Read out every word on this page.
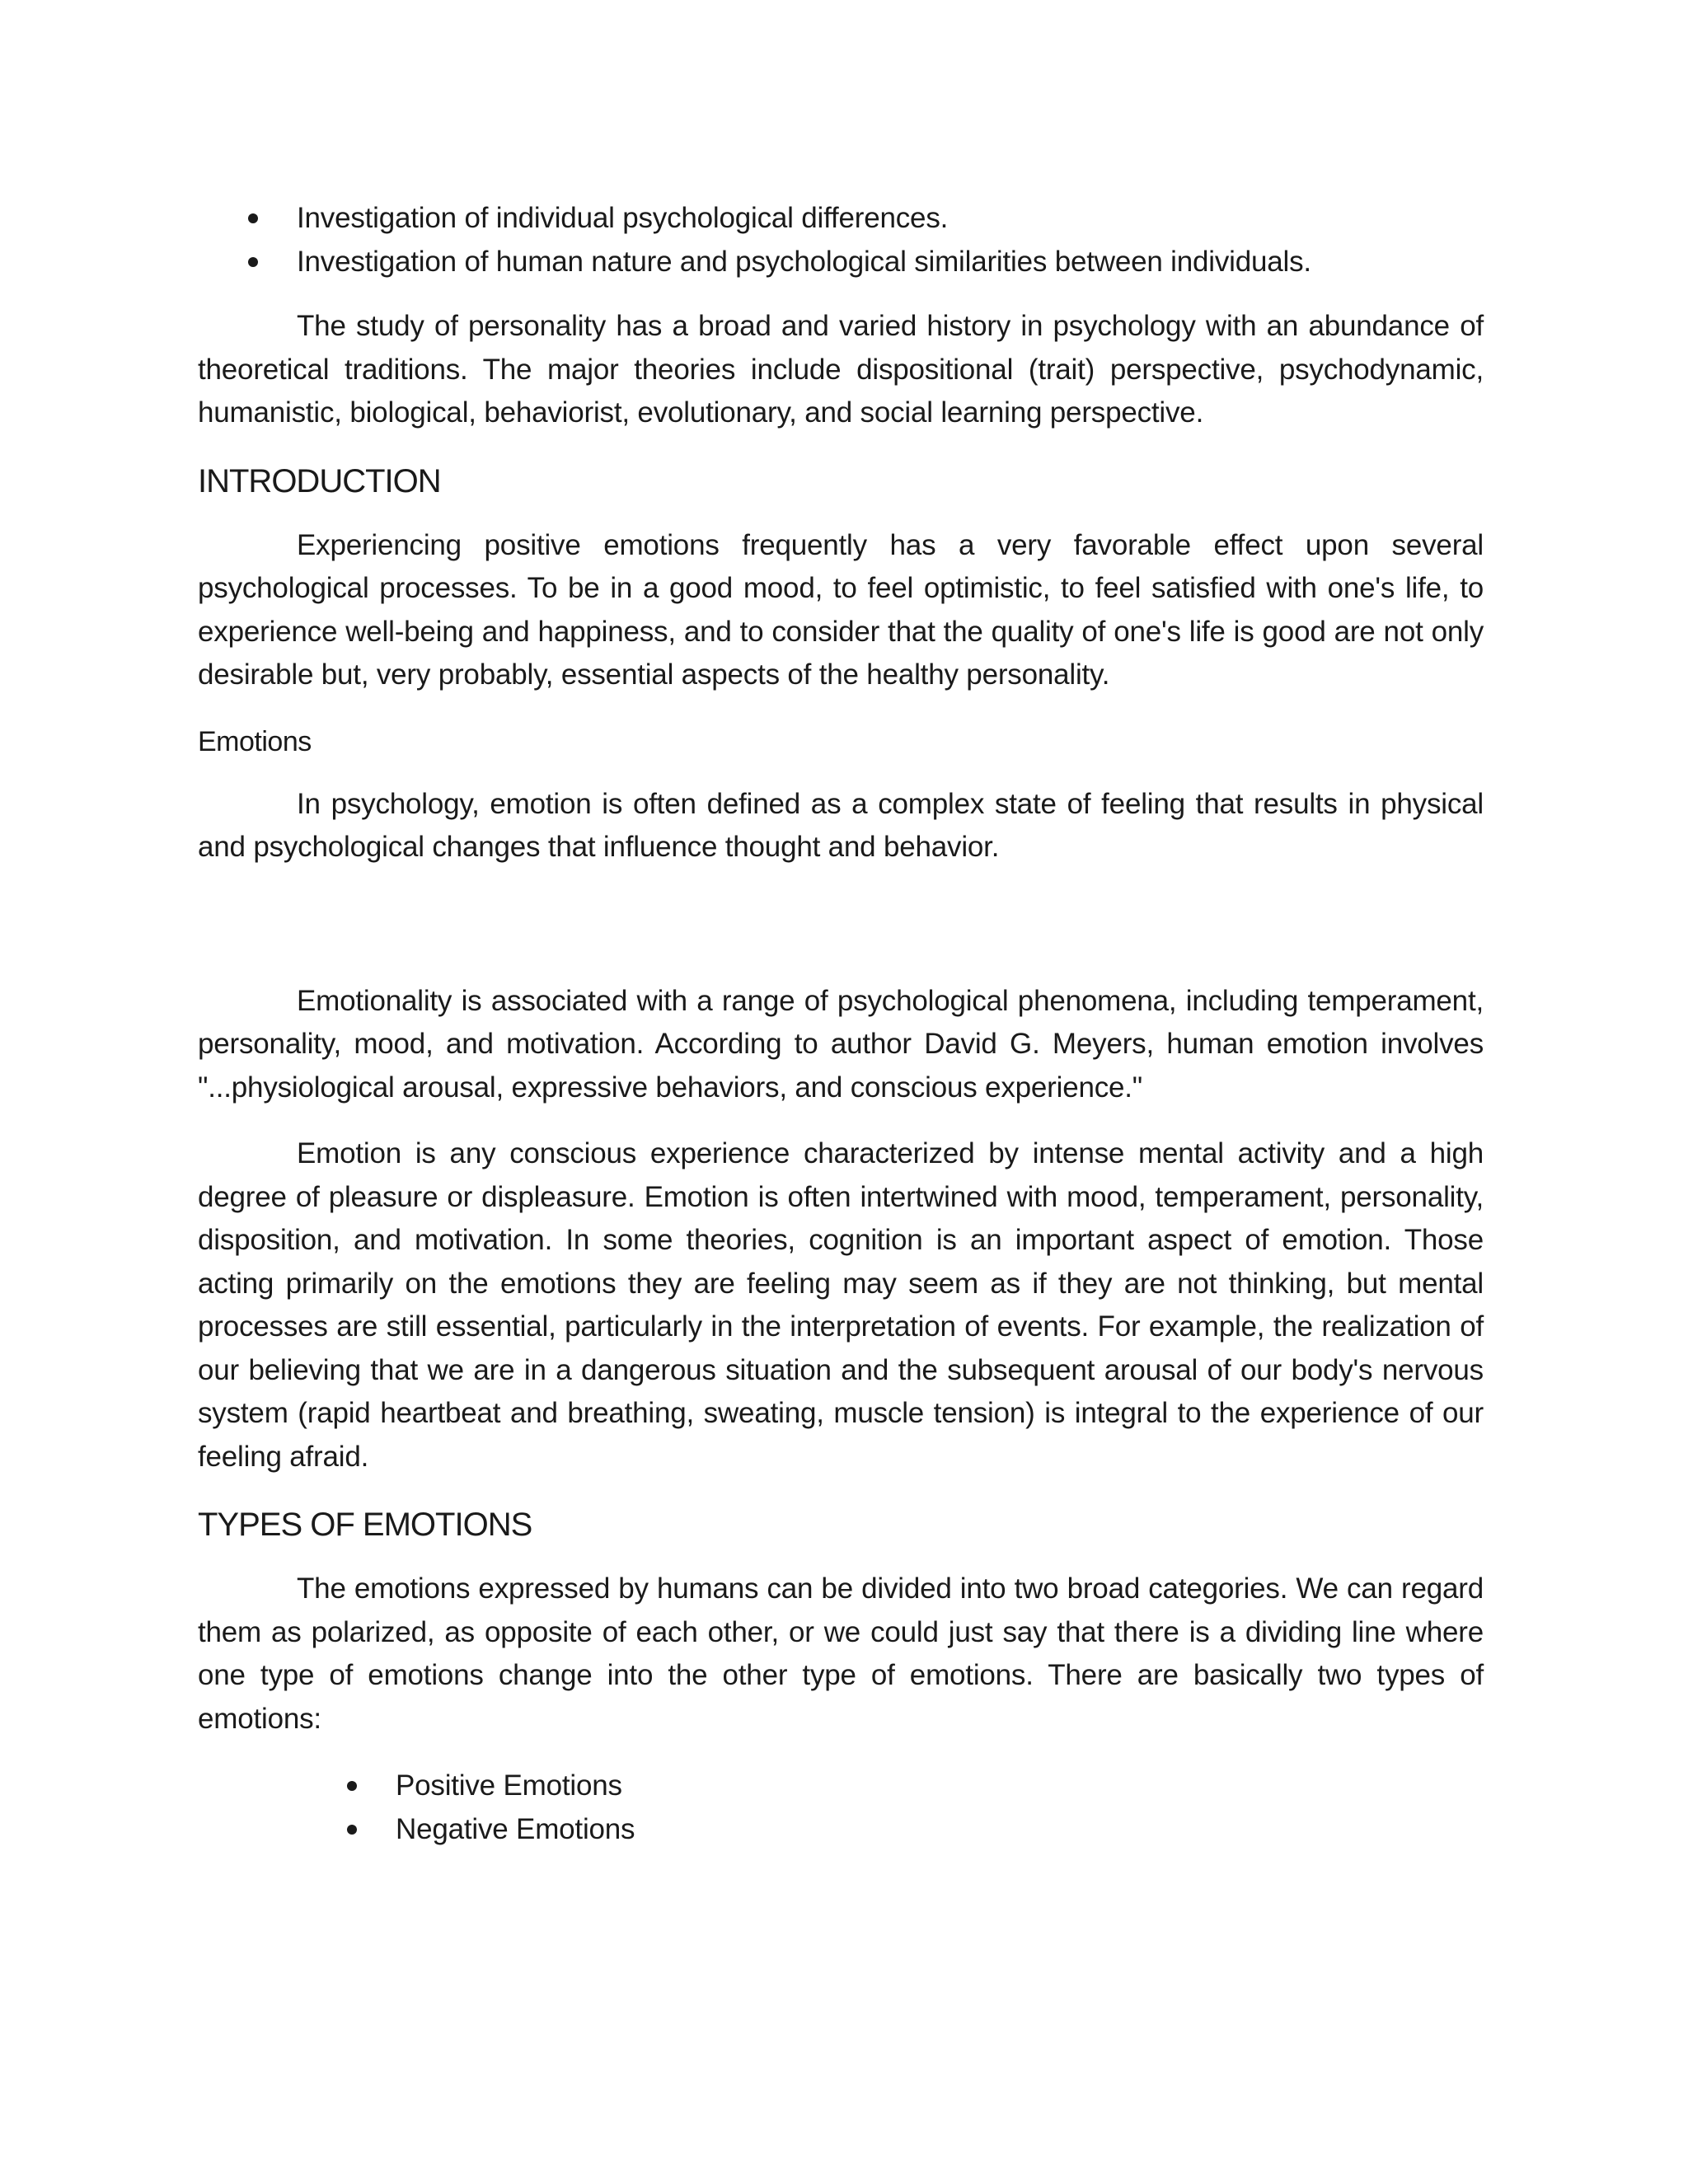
Investigation of individual psychological differences.
Investigation of human nature and psychological similarities between individuals.

The study of personality has a broad and varied history in psychology with an abundance of theoretical traditions. The major theories include dispositional (trait) perspective, psychodynamic, humanistic, biological, behaviorist, evolutionary, and social learning perspective.

INTRODUCTION

Experiencing positive emotions frequently has a very favorable effect upon several psychological processes. To be in a good mood, to feel optimistic, to feel satisfied with one's life, to experience well-being and happiness, and to consider that the quality of one's life is good are not only desirable but, very probably, essential aspects of the healthy personality.

Emotions

In psychology, emotion is often defined as a complex state of feeling that results in physical and psychological changes that influence thought and behavior.

Emotionality is associated with a range of psychological phenomena, including temperament, personality, mood, and motivation. According to author David G. Meyers, human emotion involves "...physiological arousal, expressive behaviors, and conscious experience."

Emotion is any conscious experience characterized by intense mental activity and a high degree of pleasure or displeasure. Emotion is often intertwined with mood, temperament, personality, disposition, and motivation. In some theories, cognition is an important aspect of emotion. Those acting primarily on the emotions they are feeling may seem as if they are not thinking, but mental processes are still essential, particularly in the interpretation of events. For example, the realization of our believing that we are in a dangerous situation and the subsequent arousal of our body's nervous system (rapid heartbeat and breathing, sweating, muscle tension) is integral to the experience of our feeling afraid.

TYPES OF EMOTIONS

The emotions expressed by humans can be divided into two broad categories. We can regard them as polarized, as opposite of each other, or we could just say that there is a dividing line where one type of emotions change into the other type of emotions. There are basically two types of emotions:

Positive Emotions
Negative Emotions
